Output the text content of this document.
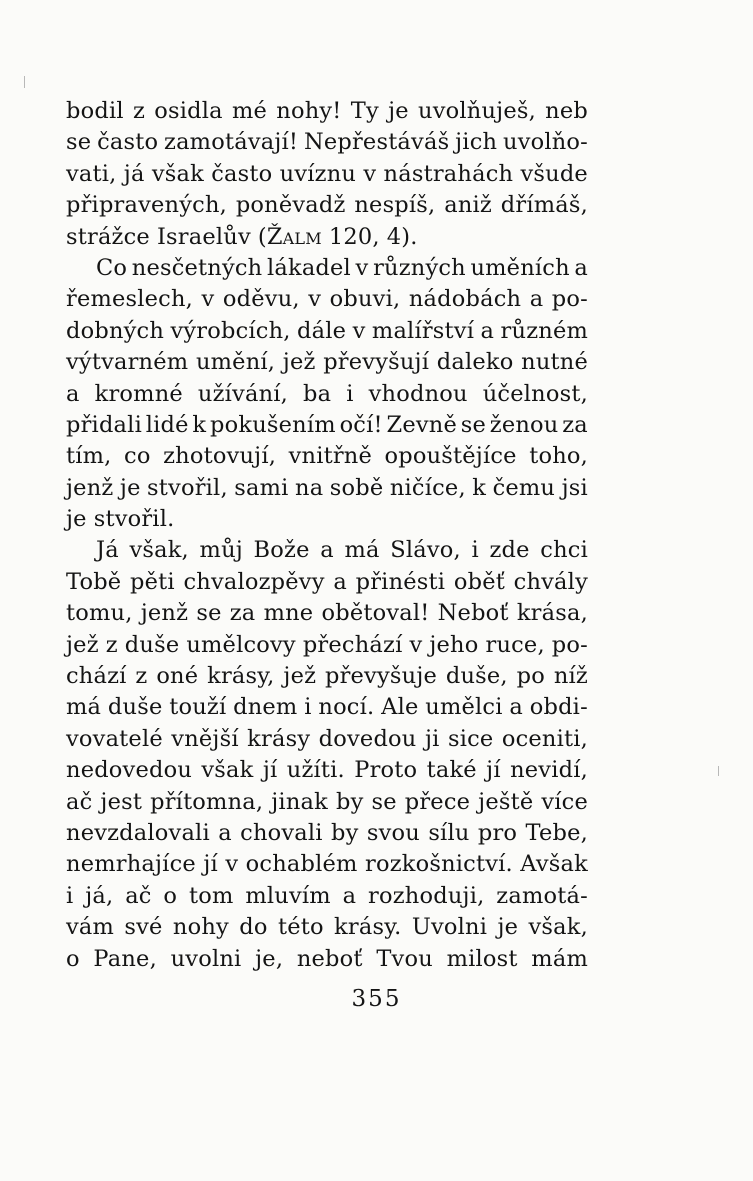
bodil z osidla mé nohy! Ty je uvolňuješ, neb
se často zamotávají! Nepřestáváš jich uvolňo-
vati, já však často uvíznu v nástrahách všude
připravených, poněvadž nespíš, aniž dřímáš,
strážce Israelův (Žalm 120, 4).
Co nesčetných lákadel v různých uměních a
řemeslech, v oděvu, v obuvi, nádobách a po-
dobných výrobcích, dále v malířství a různém
výtvarném umění, jež převyšují daleko nutné
a kromné užívání, ba i vhodnou účelnost,
přidali lidé k pokušením očí! Zevně se ženou za
tím, co zhotovují, vnitřně opouštějíce toho,
jenž je stvořil, sami na sobě ničíce, k čemu jsi
je stvořil.
Já však, můj Bože a má Slávo, i zde chci
Tobě pěti chvalozpěvy a přinésti oběť chvály
tomu, jenž se za mne obětoval! Neboť krása,
jež z duše umělcovy přechází v jeho ruce, po-
chází z oné krásy, jež převyšuje duše, po níž
má duše touží dnem i nocí. Ale umělci a obdi-
vovatelé vnější krásy dovedou ji sice oceniti,
nedovedou však jí užíti. Proto také jí nevidí,
ač jest přítomna, jinak by se přece ještě více
nevzdalovali a chovali by svou sílu pro Tebe,
nemrhajíce jí v ochablém rozkošnictví. Avšak
i já, ač o tom mluvím a rozhoduji, zamotá-
vám své nohy do této krásy. Uvolni je však,
o Pane, uvolni je, neboť Tvou milost mám
355
